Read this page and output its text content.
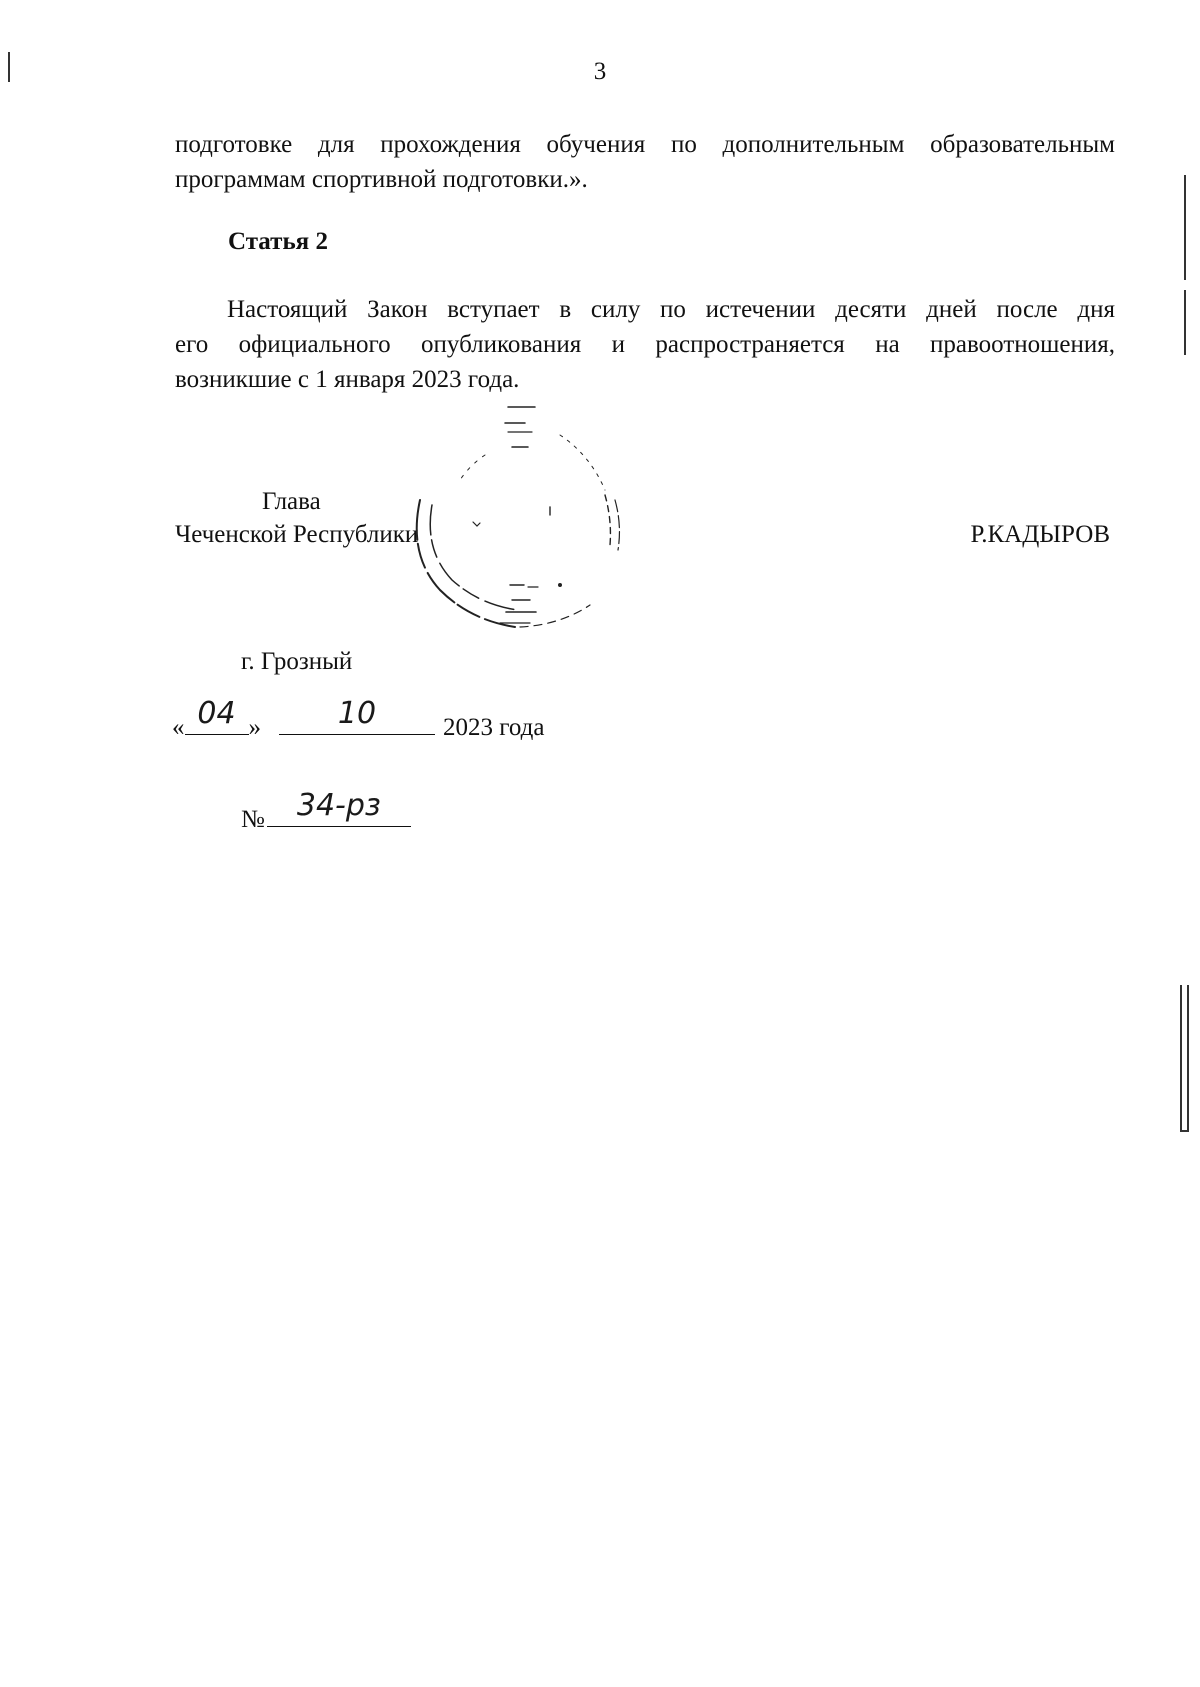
3
подготовке для прохождения обучения по дополнительным образовательным программам спортивной подготовки.».
Статья 2
Настоящий Закон вступает в силу по истечении десяти дней после дня
его официального опубликования и распространяется на правоотношения,
возникшие с 1 января 2023 года.
Глава
Чеченской Республики	Р.КАДЫРОВ
г. Грозный
« 04 »	10	2023 года
№	34-рз
